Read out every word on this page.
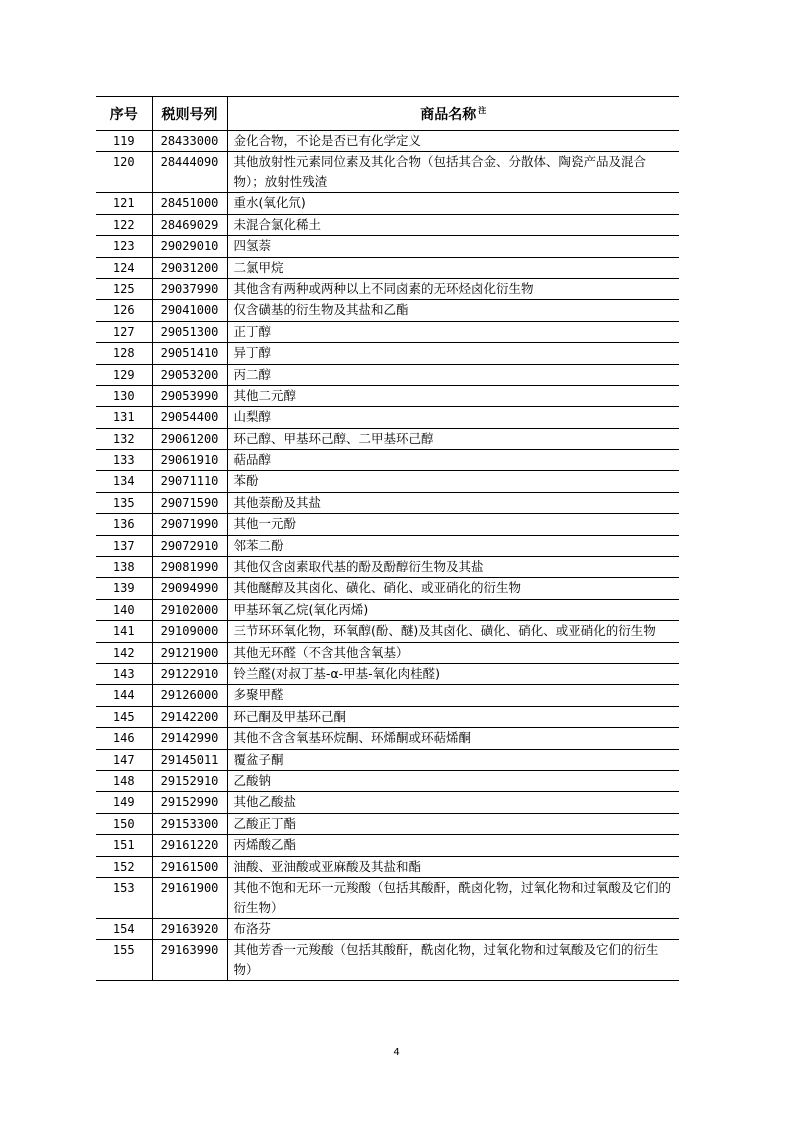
序号	税则号列	商品名称 $^注$
119	28433000	金化合物，不论是否已有化学定义
120	28444090	其他放射性元素同位素及其化合物（包括其合金、分散体、陶瓷产品及混合物）；放射性残渣
121	28451000	重水(氧化氘)
122	28469029	未混合氯化稀土
123	29029010	四氢萘
124	29031200	二氯甲烷
125	29037990	其他含有两种或两种以上不同卤素的无环烃卤化衍生物
126	29041000	仅含磺基的衍生物及其盐和乙酯
127	29051300	正丁醇
128	29051410	异丁醇
129	29053200	丙二醇
130	29053990	其他二元醇
131	29054400	山梨醇
132	29061200	环己醇、甲基环己醇、二甲基环己醇
133	29061910	萜品醇
134	29071110	苯酚
135	29071590	其他萘酚及其盐
136	29071990	其他一元酚
137	29072910	邻苯二酚
138	29081990	其他仅含卤素取代基的酚及酚醇衍生物及其盐
139	29094990	其他醚醇及其卤化、磺化、硝化、或亚硝化的衍生物
140	29102000	甲基环氧乙烷(氧化丙烯)
141	29109000	三节环环氧化物，环氧醇(酚、醚)及其卤化、磺化、硝化、或亚硝化的衍生物
142	29121900	其他无环醛（不含其他含氧基）
143	29122910	铃兰醛(对叔丁基-α-甲基-氧化肉桂醛)
144	29126000	多聚甲醛
145	29142200	环己酮及甲基环己酮
146	29142990	其他不含含氧基环烷酮、环烯酮或环萜烯酮
147	29145011	覆盆子酮
148	29152910	乙酸钠
149	29152990	其他乙酸盐
150	29153300	乙酸正丁酯
151	29161220	丙烯酸乙酯
152	29161500	油酸、亚油酸或亚麻酸及其盐和酯
153	29161900	其他不饱和无环一元羧酸（包括其酸酐，酰卤化物，过氧化物和过氧酸及它们的衍生物）
154	29163920	布洛芬
155	29163990	其他芳香一元羧酸（包括其酸酐，酰卤化物，过氧化物和过氧酸及它们的衍生物）
4
